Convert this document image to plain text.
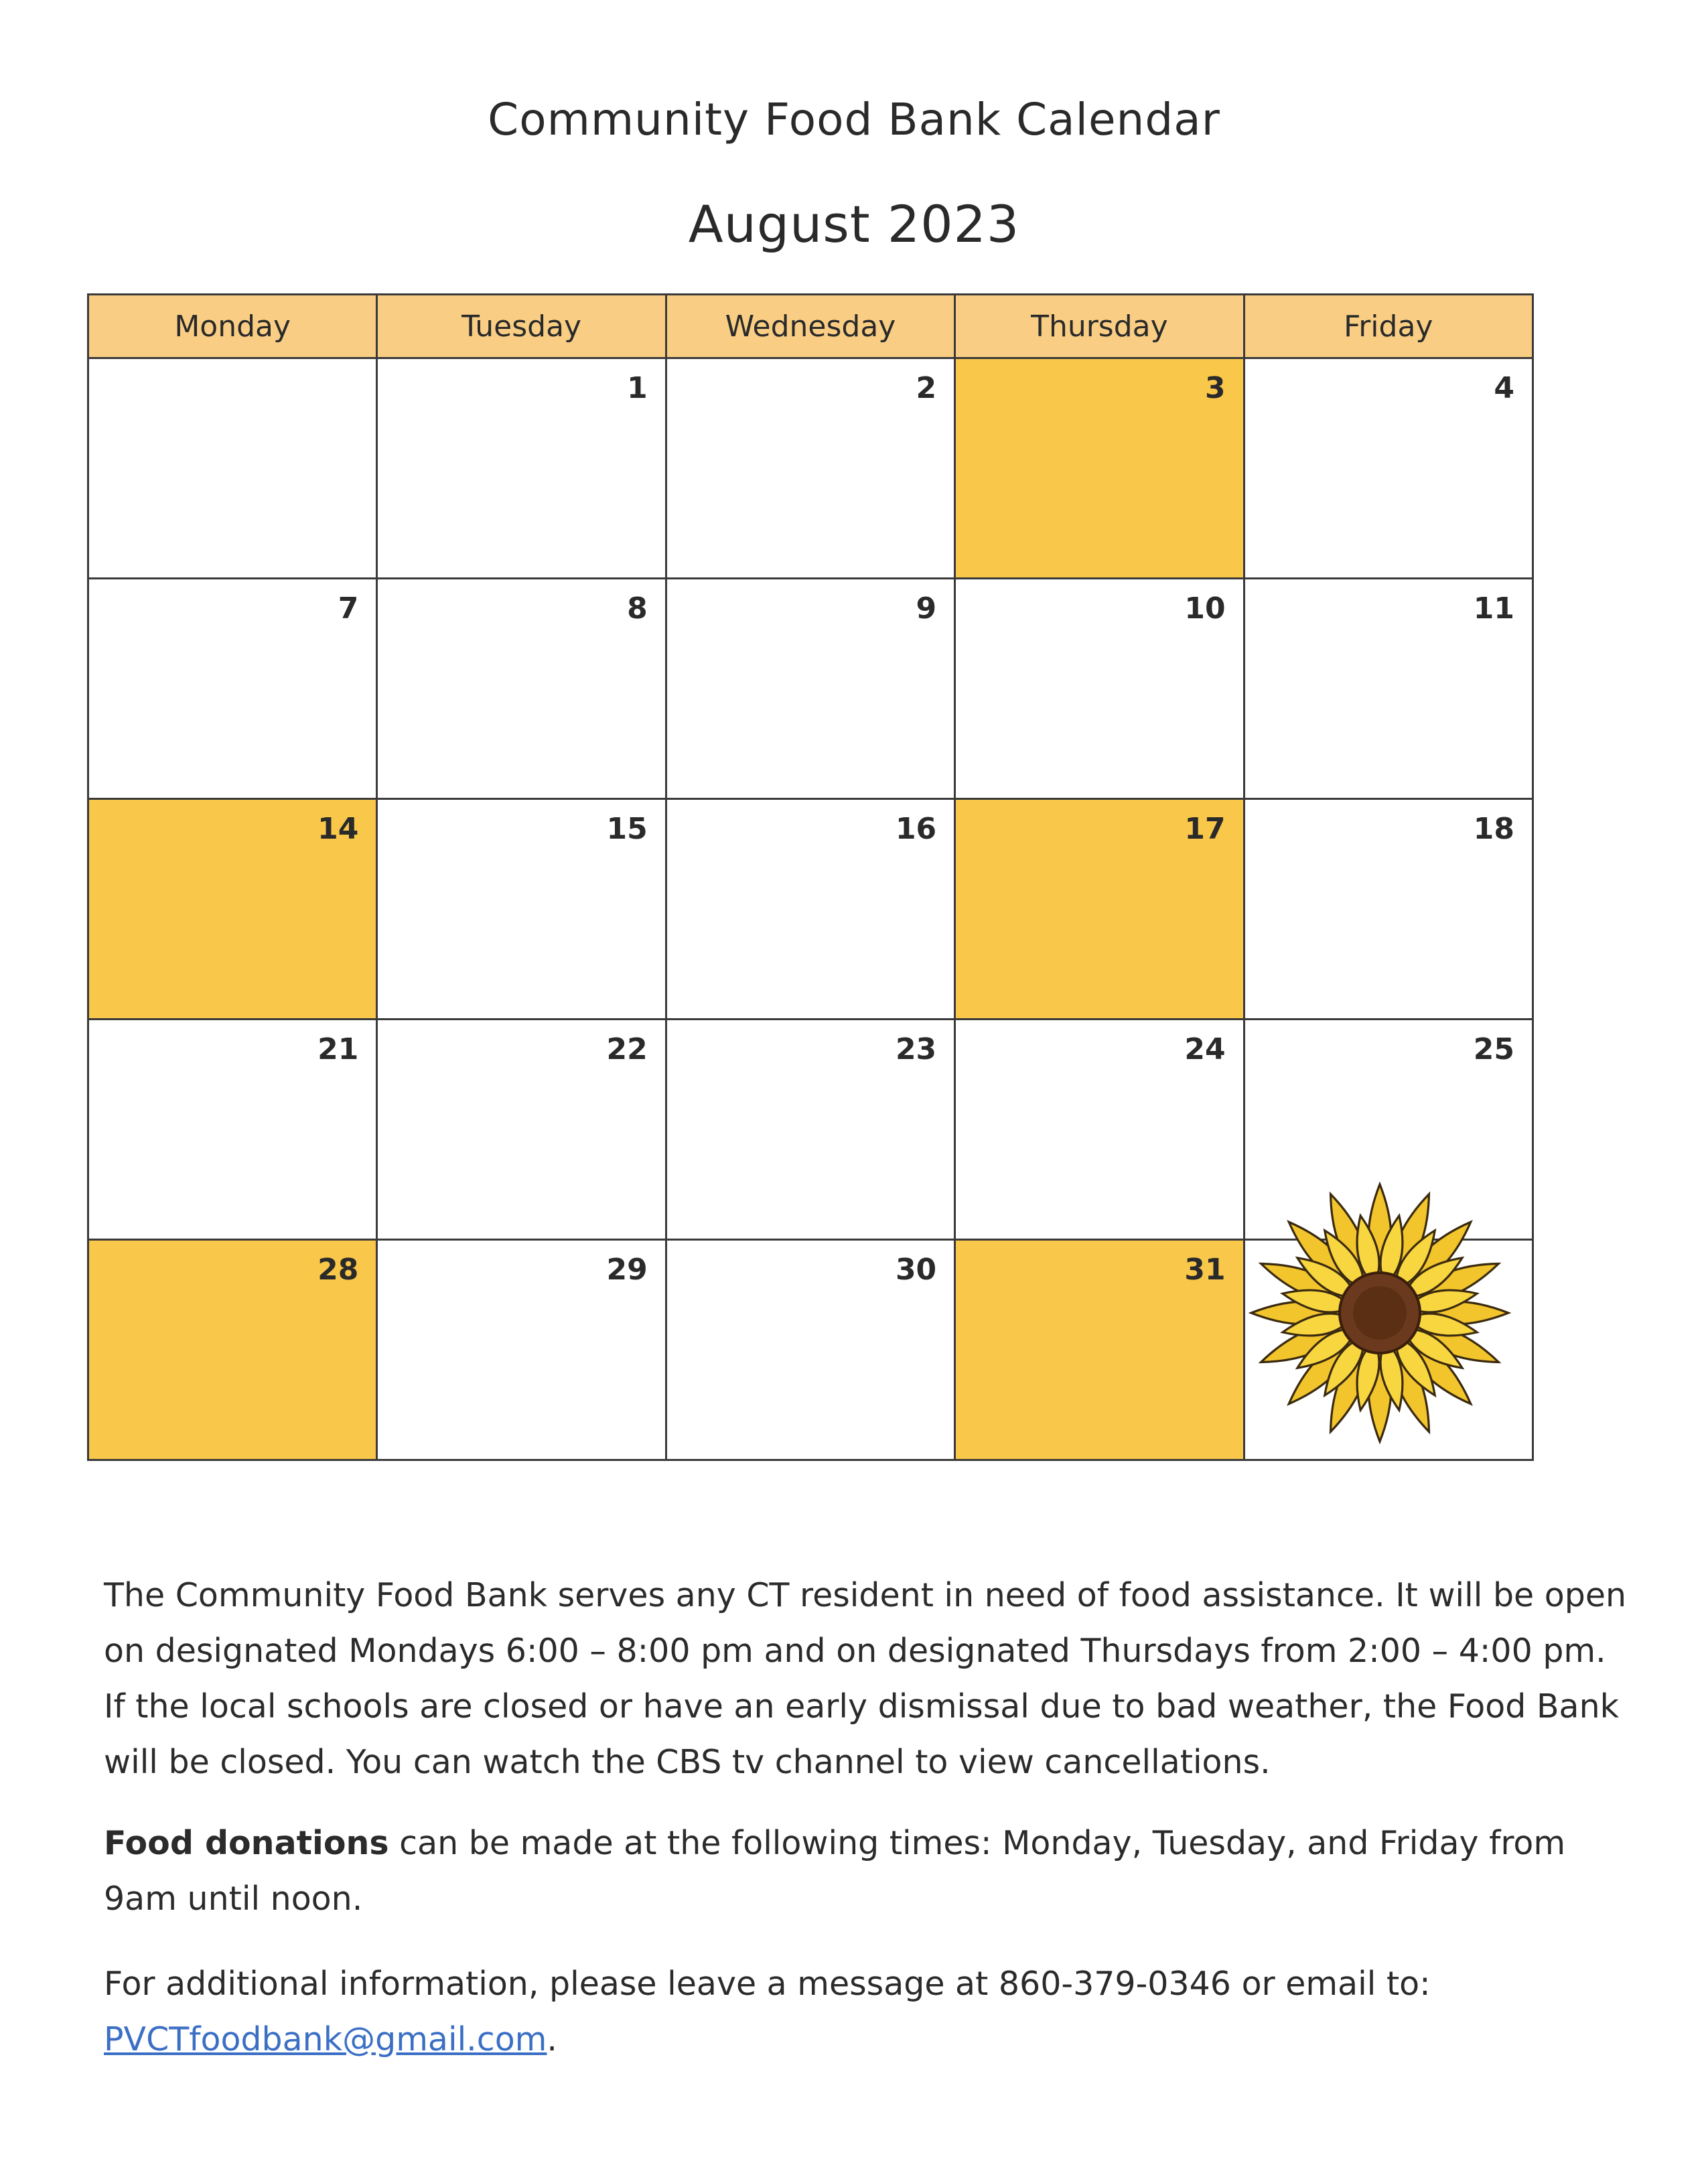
Community Food Bank Calendar
August 2023
Monday	Tuesday	Wednesday	Thursday	Friday
	1	2	3	4
7	8	9	10	11
14	15	16	17	18
21	22	23	24	25
28	29	30	31	
The Community Food Bank serves any CT resident in need of food assistance. It will be open on designated Mondays 6:00 – 8:00 pm and on designated Thursdays from 2:00 – 4:00 pm. If the local schools are closed or have an early dismissal due to bad weather, the Food Bank will be closed. You can watch the CBS tv channel to view cancellations.
Food donations can be made at the following times: Monday, Tuesday, and Friday from 9am until noon.
For additional information, please leave a message at 860-379-0346 or email to: PVCTfoodbank@gmail.com.
